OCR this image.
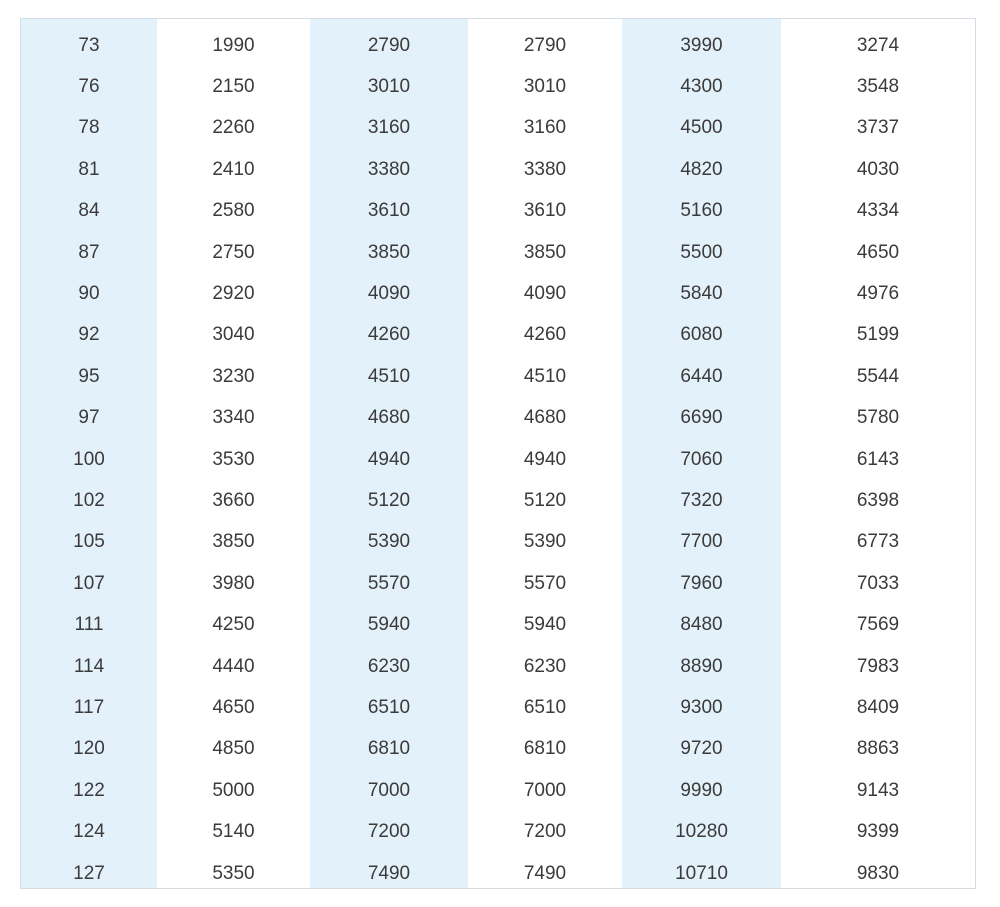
73	1990	2790	2790	3990	3274
76	2150	3010	3010	4300	3548
78	2260	3160	3160	4500	3737
81	2410	3380	3380	4820	4030
84	2580	3610	3610	5160	4334
87	2750	3850	3850	5500	4650
90	2920	4090	4090	5840	4976
92	3040	4260	4260	6080	5199
95	3230	4510	4510	6440	5544
97	3340	4680	4680	6690	5780
100	3530	4940	4940	7060	6143
102	3660	5120	5120	7320	6398
105	3850	5390	5390	7700	6773
107	3980	5570	5570	7960	7033
111	4250	5940	5940	8480	7569
114	4440	6230	6230	8890	7983
117	4650	6510	6510	9300	8409
120	4850	6810	6810	9720	8863
122	5000	7000	7000	9990	9143
124	5140	7200	7200	10280	9399
127	5350	7490	7490	10710	9830
